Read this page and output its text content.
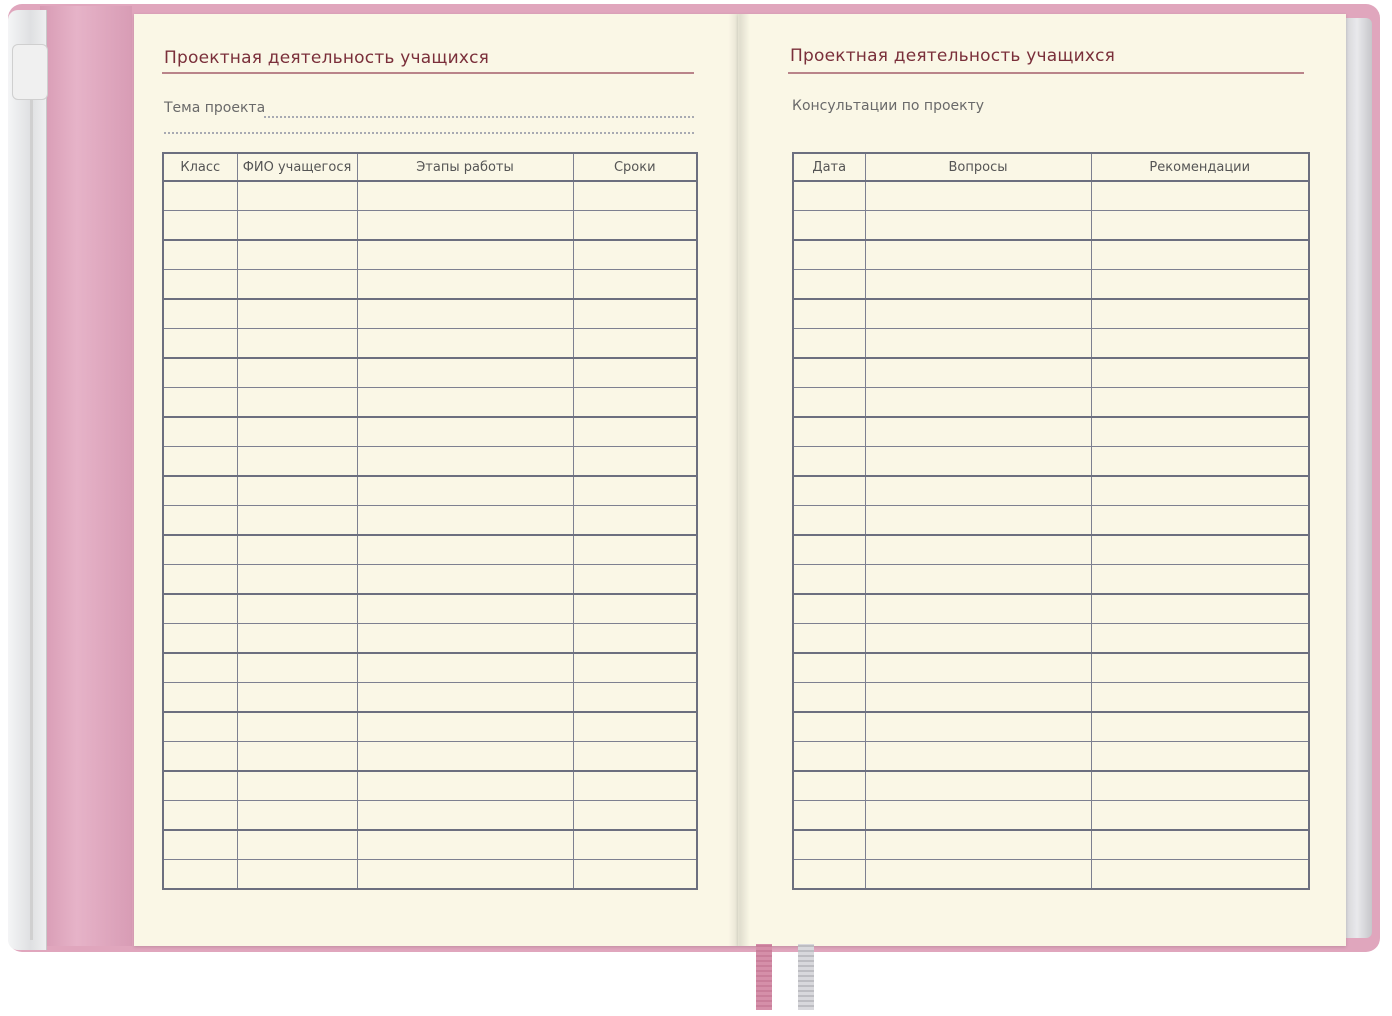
Проектная деятельность учащихся
Тема проекта
Класс	ФИО учащегося	Этапы работы	Сроки

Проектная деятельность учащихся
Консультации по проекту
Дата	Вопросы	Рекомендации
